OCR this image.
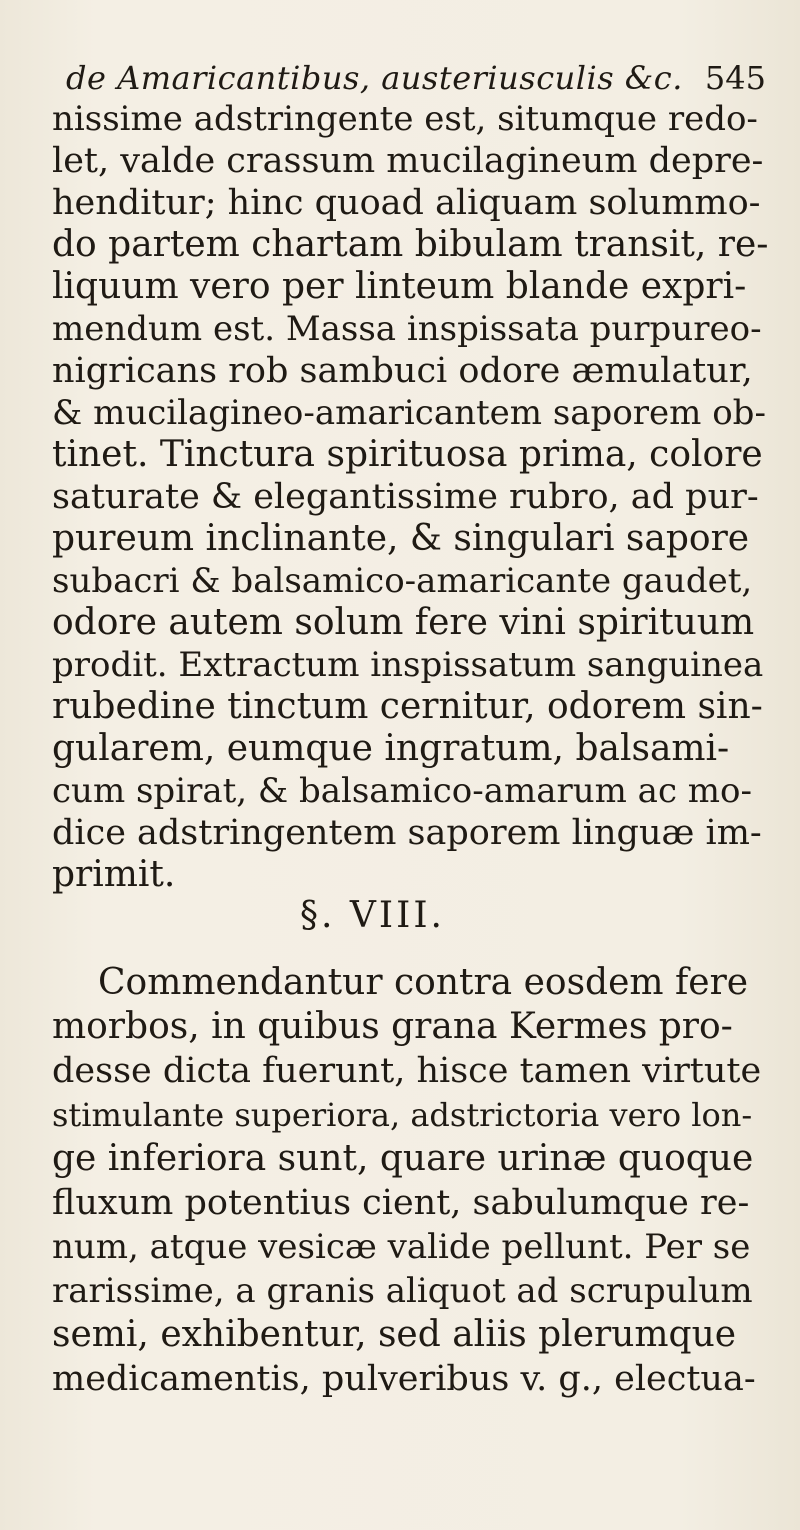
de Amaricantibus, austeriusculis &c. 545
nissime adstringente est, situmque redo-
let, valde crassum mucilagineum depre-
henditur; hinc quoad aliquam solummo-
do partem chartam bibulam transit, re-
liquum vero per linteum blande expri-
mendum est. Massa inspissata purpureo-
nigricans rob sambuci odore æmulatur,
& mucilagineo-amaricantem saporem ob-
tinet. Tinctura spirituosa prima, colore
saturate & elegantissime rubro, ad pur-
pureum inclinante, & singulari sapore
subacri & balsamico-amaricante gaudet,
odore autem solum fere vini spirituum
prodit. Extractum inspissatum sanguinea
rubedine tinctum cernitur, odorem sin-
gularem, eumque ingratum, balsami-
cum spirat, & balsamico-amarum ac mo-
dice adstringentem saporem linguæ im-
primit.
§. VIII.
Commendantur contra eosdem fere
morbos, in quibus grana Kermes pro-
desse dicta fuerunt, hisce tamen virtute
stimulante superiora, adstrictoria vero lon-
ge inferiora sunt, quare urinæ quoque
fluxum potentius cient, sabulumque re-
num, atque vesicæ valide pellunt. Per se
rarissime, a granis aliquot ad scrupulum
semi, exhibentur, sed aliis plerumque
medicamentis, pulveribus v. g., electua-
